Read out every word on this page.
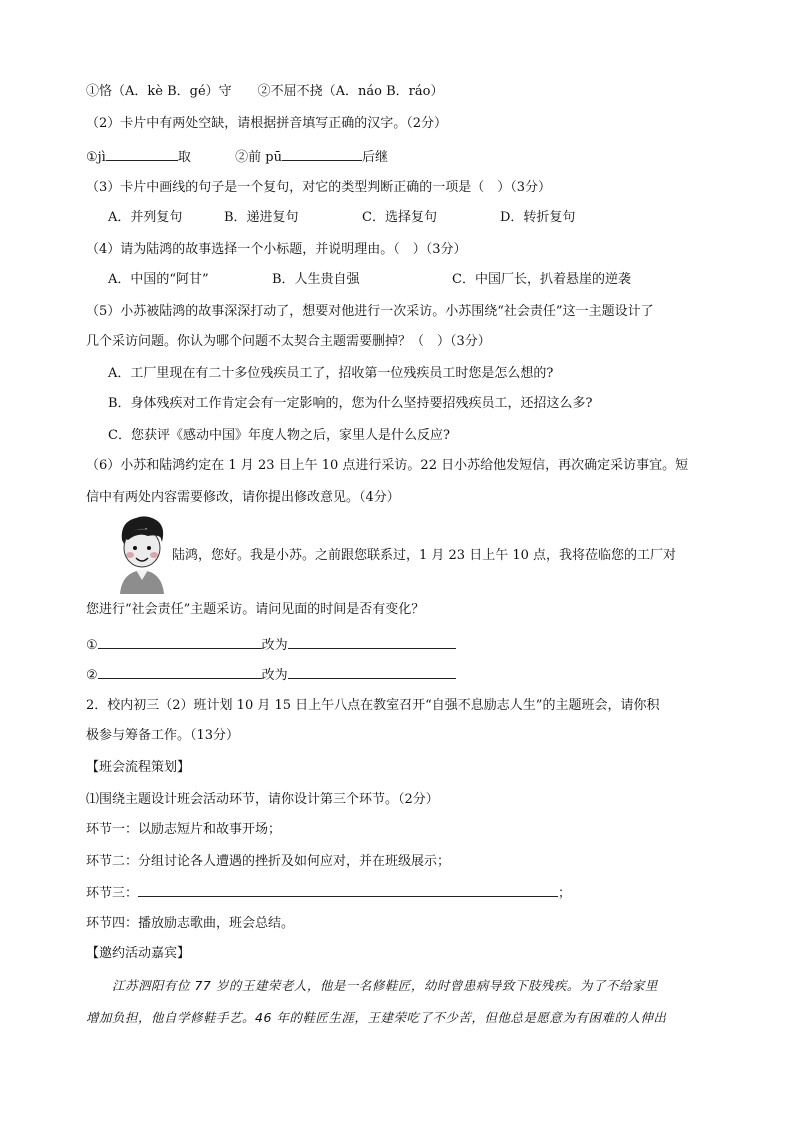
①恪（A．kè B．gé）守　　②不屈不挠（A．náo B．ráo）
（2）卡片中有两处空缺，请根据拼音填写正确的汉字。（2分）
①jì	取	②前 pū	后继
（3）卡片中画线的句子是一个复句，对它的类型判断正确的一项是（　）（3分）
A．并列复句	B．递进复句	C．选择复句	D．转折复句
（4）请为陆鸿的故事选择一个小标题，并说明理由。（　）（3分）
A．中国的“阿甘”	B．人生贵自强	C．中国厂长，扒着悬崖的逆袭
（5）小苏被陆鸿的故事深深打动了，想要对他进行一次采访。小苏围绕“社会责任”这一主题设计了
几个采访问题。你认为哪个问题不太契合主题需要删掉？（　）（3分）
A．工厂里现在有二十多位残疾员工了，招收第一位残疾员工时您是怎么想的?
B．身体残疾对工作肯定会有一定影响的，您为什么坚持要招残疾员工，还招这么多?
C．您获评《感动中国》年度人物之后，家里人是什么反应?
（6）小苏和陆鸿约定在 1 月 23 日上午 10 点进行采访。22 日小苏给他发短信，再次确定采访事宜。短
信中有两处内容需要修改，请你提出修改意见。（4分）
陆鸿，您好。我是小苏。之前跟您联系过，1 月 23 日上午 10 点，我将莅临您的工厂对
您进行“社会责任”主题采访。请问见面的时间是否有变化？
①	改为
②	改为
2．校内初三（2）班计划 10 月 15 日上午八点在教室召开“自强不息励志人生”的主题班会，请你积
极参与筹备工作。（13分）
【班会流程策划】
⑴围绕主题设计班会活动环节，请你设计第三个环节。（2分）
环节一：以励志短片和故事开场；
环节二：分组讨论各人遭遇的挫折及如何应对，并在班级展示；
环节三：	；
环节四：播放励志歌曲，班会总结。
【邀约活动嘉宾】
江苏泗阳有位 77 岁的王建荣老人，他是一名修鞋匠，幼时曾患病导致下肢残疾。为了不给家里
增加负担，他自学修鞋手艺。46 年的鞋匠生涯，王建荣吃了不少苦，但他总是愿意为有困难的人伸出
